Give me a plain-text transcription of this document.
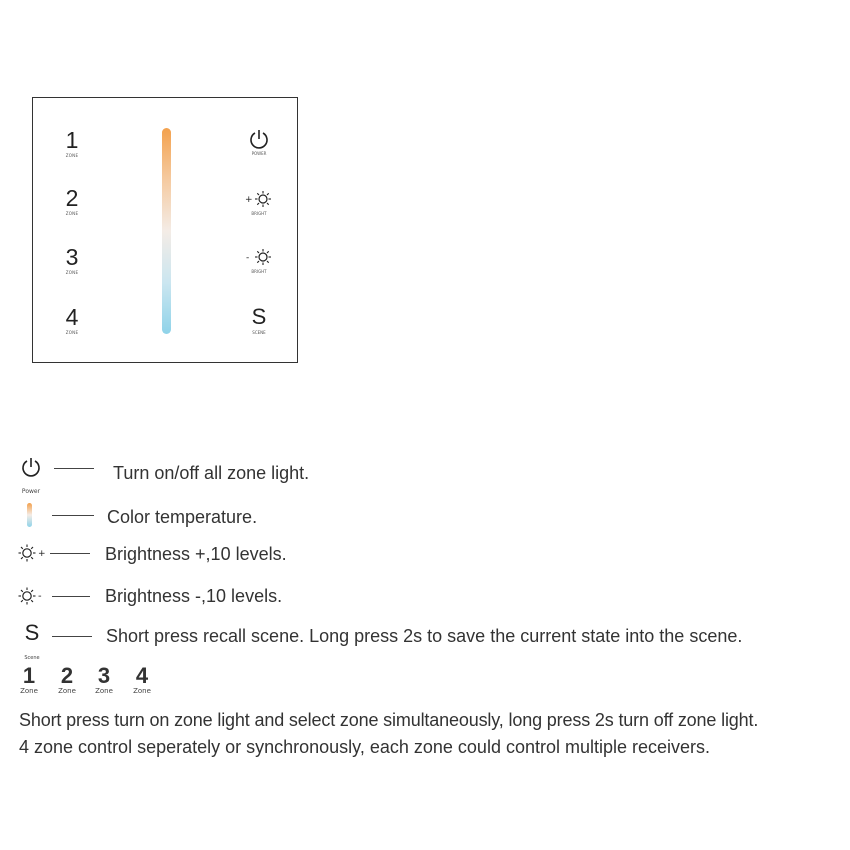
1
ZONE
2
ZONE
3
ZONE
4
ZONE
POWER
+
BRIGHT
-
BRIGHT
S
SCENE
Power
Turn on/off all zone light.
Color temperature.
+	Brightness +,10 levels.
-	Brightness -,10 levels.
S
Scene
Short press recall scene. Long press 2s to save the current state into the scene.
1
Zone
2
Zone
3
Zone
4
Zone
Short press turn on zone light and select zone simultaneously, long press 2s turn off zone light.
4 zone control seperately or synchronously, each zone could control multiple receivers.
